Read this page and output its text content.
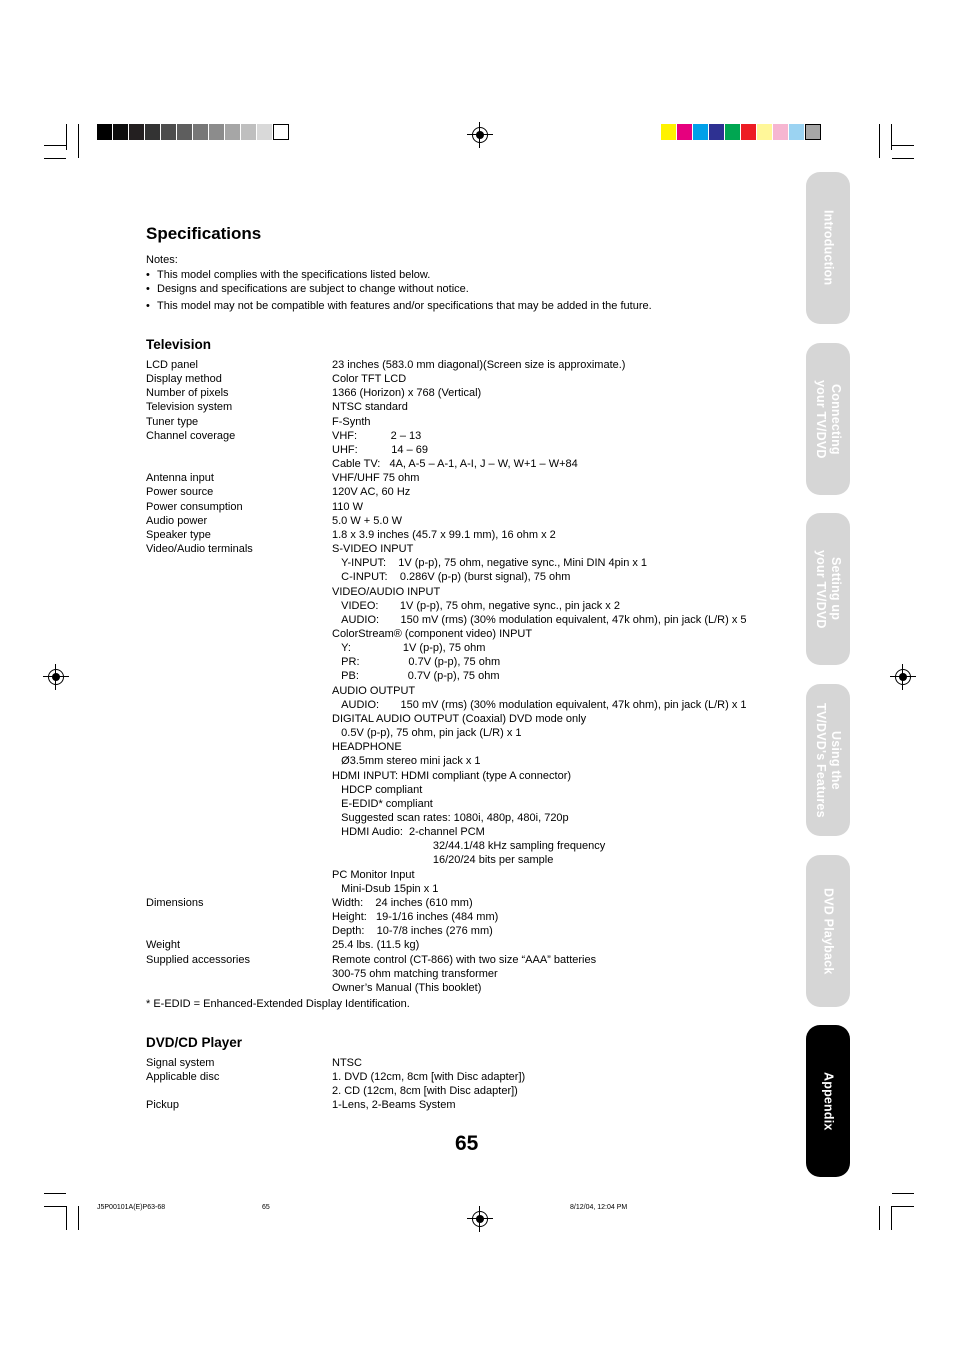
Introduction
Connecting
your TV/DVD
Setting up
your TV/DVD
Using the
TV/DVD's Features
DVD Playback
Appendix
Specifications
Notes:
• This model complies with the specifications listed below.
• Designs and specifications are subject to change without notice.
• This model may not be compatible with features and/or specifications that may be added in the future.
Television
LCD panel	23 inches (583.0 mm diagonal)(Screen size is approximate.)
Display method	Color TFT LCD
Number of pixels	1366 (Horizon) x 768 (Vertical)
Television system	NTSC standard
Tuner type	F-Synth
Channel coverage	VHF:           2 – 13
UHF:           14 – 69
Cable TV:   4A, A-5 – A-1, A-I, J – W, W+1 – W+84
Antenna input	VHF/UHF 75 ohm
Power source	120V AC, 60 Hz
Power consumption	110 W
Audio power	5.0 W + 5.0 W
Speaker type	1.8 x 3.9 inches (45.7 x 99.1 mm), 16 ohm x 2
Video/Audio terminals	S-VIDEO INPUT
Y-INPUT:    1V (p-p), 75 ohm, negative sync., Mini DIN 4pin x 1
C-INPUT:    0.286V (p-p) (burst signal), 75 ohm
VIDEO/AUDIO INPUT
VIDEO:       1V (p-p), 75 ohm, negative sync., pin jack x 2
AUDIO:       150 mV (rms) (30% modulation equivalent, 47k ohm), pin jack (L/R) x 5
ColorStream® (component video) INPUT
Y:                 1V (p-p), 75 ohm
PR:                0.7V (p-p), 75 ohm
PB:                0.7V (p-p), 75 ohm
AUDIO OUTPUT
AUDIO:       150 mV (rms) (30% modulation equivalent, 47k ohm), pin jack (L/R) x 1
DIGITAL AUDIO OUTPUT (Coaxial) DVD mode only
0.5V (p-p), 75 ohm, pin jack (L/R) x 1
HEADPHONE
Ø3.5mm stereo mini jack x 1
HDMI INPUT: HDMI compliant (type A connector)
HDCP compliant
E-EDID* compliant
Suggested scan rates: 1080i, 480p, 480i, 720p
HDMI Audio:  2-channel PCM
32/44.1/48 kHz sampling frequency
16/20/24 bits per sample
PC Monitor Input
Mini-Dsub 15pin x 1
Dimensions	Width:    24 inches (610 mm)
Height:   19-1/16 inches (484 mm)
Depth:    10-7/8 inches (276 mm)
Weight	25.4 lbs. (11.5 kg)
Supplied accessories	Remote control (CT-866) with two size “AAA” batteries
300-75 ohm matching transformer
Owner’s Manual (This booklet)
* E-EDID = Enhanced-Extended Display Identification.
DVD/CD Player
Signal system	NTSC
Applicable disc	1. DVD (12cm, 8cm [with Disc adapter])
2. CD (12cm, 8cm [with Disc adapter])
Pickup	1-Lens, 2-Beams System
65
J5P00101A(E)P63-68	65	8/12/04, 12:04 PM
